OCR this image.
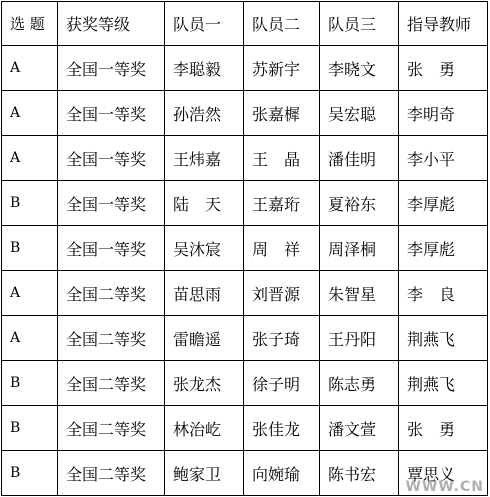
选 题	获奖等级	队员一	队员二	队员三	指导教师
A	全国一等奖	李聪毅	苏新宇	李晓文	张　勇
A	全国一等奖	孙浩然	张嘉樨	吴宏聪	李明奇
A	全国一等奖	王炜嘉	王　晶	潘佳明	李小平
B	全国一等奖	陆　天	王嘉珩	夏裕东	李厚彪
B	全国一等奖	吴沐宸	周　祥	周泽桐	李厚彪
A	全国二等奖	苗思雨	刘晋源	朱智星	李　良
A	全国二等奖	雷瞻遥	张子琦	王丹阳	荆燕飞
B	全国二等奖	张龙杰	徐子明	陈志勇	荆燕飞
B	全国二等奖	林治屹	张佳龙	潘文萱	张　勇
B	全国二等奖	鲍家卫	向婉瑜	陈书宏	覃思义
WWW.CN
